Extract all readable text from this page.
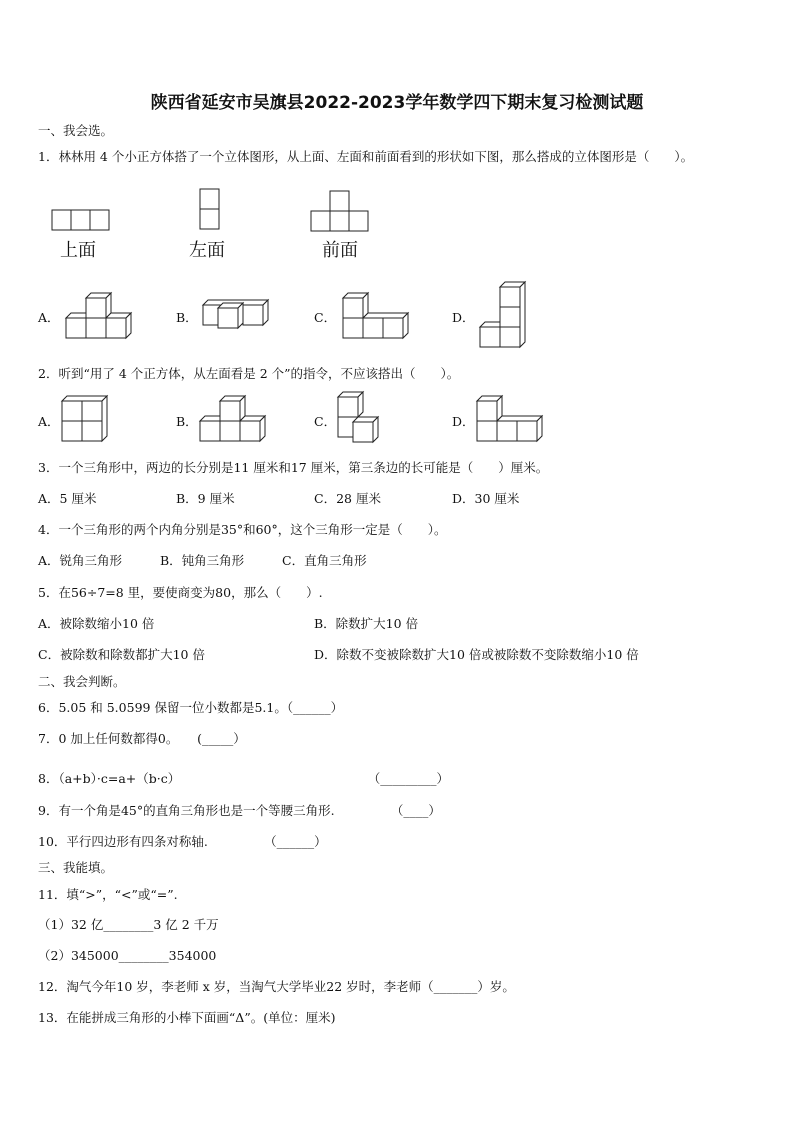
陕西省延安市吴旗县2022-2023学年数学四下期末复习检测试题
一、我会选。
1．林林用 4 个小正方体搭了一个立体图形，从上面、左面和前面看到的形状如下图，那么搭成的立体图形是（　　）。
上面	左面	前面
A．	B．	C．	D．
2．听到“用了 4 个正方体，从左面看是 2 个”的指令，不应该搭出（　　）。
A．	B．	C．	D．
3．一个三角形中，两边的长分别是11 厘米和17 厘米，第三条边的长可能是（　　）厘米。
A．5 厘米	B．9 厘米	C．28 厘米	D．30 厘米
4．一个三角形的两个内角分别是35°和60°，这个三角形一定是（　　）。
A．锐角三角形	B．钝角三角形	C．直角三角形
5．在56÷7=8 里，要使商变为80，那么（　　）.
A．被除数缩小10 倍	B．除数扩大10 倍
C．被除数和除数都扩大10 倍	D．除数不变被除数扩大10 倍或被除数不变除数缩小10 倍
二、我会判断。
6．5.05 和 5.0599 保留一位小数都是5.1。（______）
7．0 加上任何数都得0。　　(_____）
8．（a+b）·c=a+（b·c）　　　　　　　　　　　　　　　　（_________）
9．有一个角是45°的直角三角形也是一个等腰三角形.　　　　　（____）
10．平行四边形有四条对称轴.　　　　　（______）
三、我能填。
11．填“>”，“<”或“=”.
（1）32 亿________3 亿 2 千万
（2）345000________354000
12．淘气今年10 岁，李老师 x 岁，当淘气大学毕业22 岁时，李老师（_______）岁。
13．在能拼成三角形的小棒下面画“Δ”。(单位：厘米)
